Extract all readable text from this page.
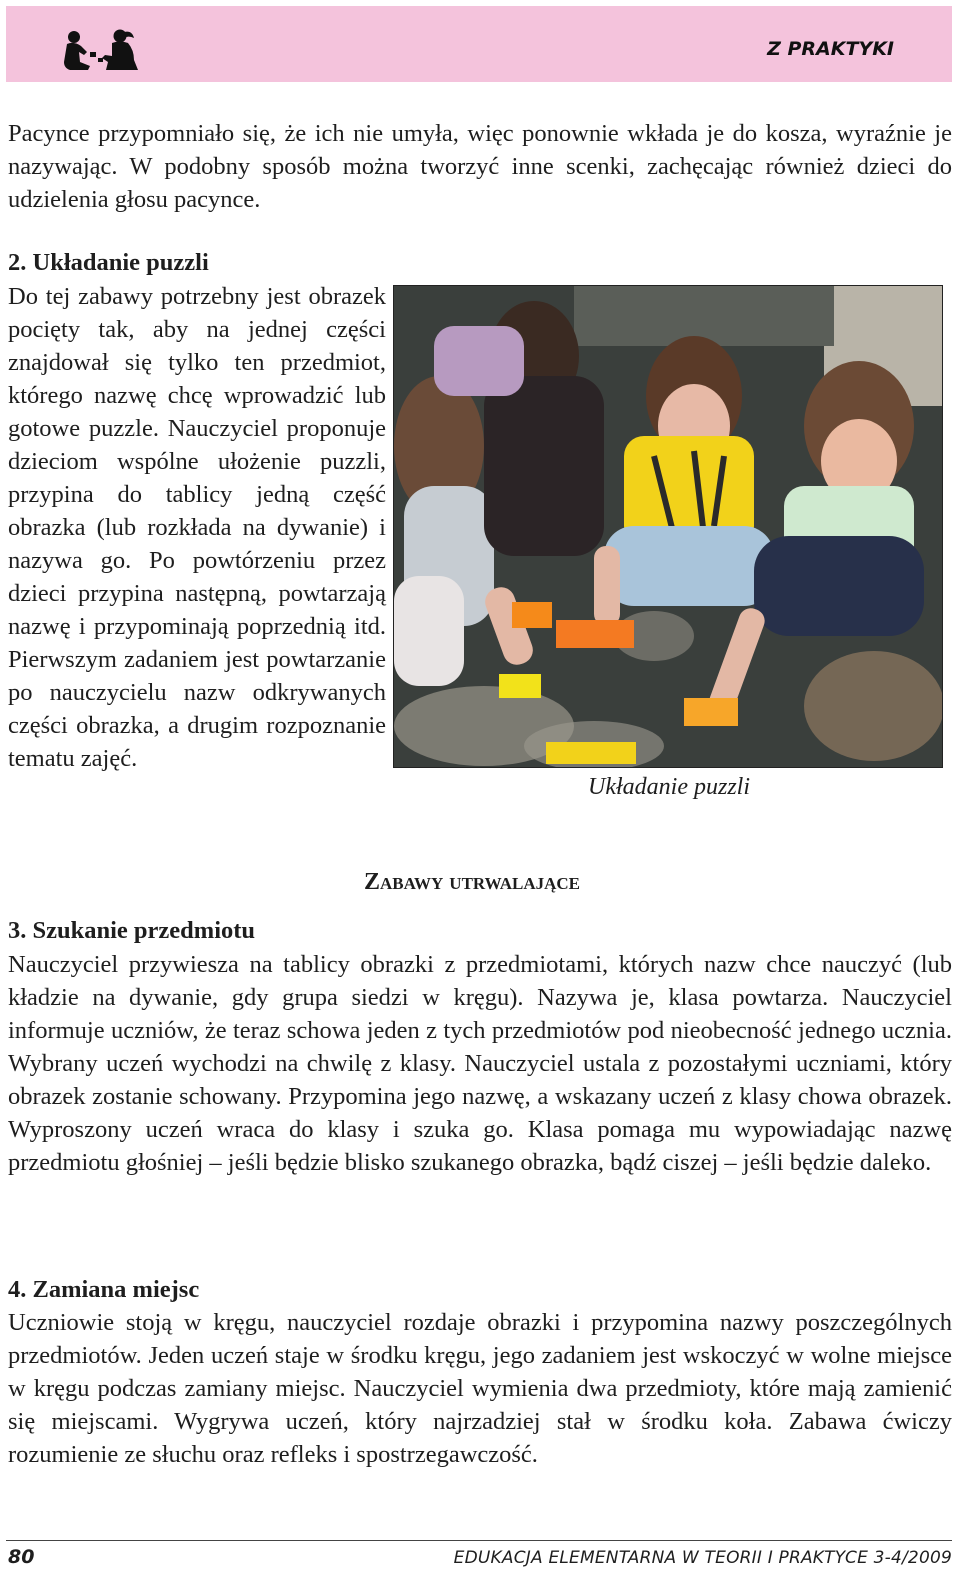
Z PRAKTYKI

Pacynce przypomniało się, że ich nie umyła, więc ponownie wkłada je do kosza, wyraźnie je nazywając. W podobny sposób można tworzyć inne scenki, zachęcając również dzieci do udzielenia głosu pacynce.

2. Układanie puzzli

Do tej zabawy potrzebny jest obrazek pocięty tak, aby na jednej części znajdował się tylko ten przedmiot, którego nazwę chcę wprowadzić lub gotowe puzzle. Nauczyciel proponuje dzieciom wspólne ułożenie puzzli, przypina do tablicy jedną część obrazka (lub rozkłada na dywanie) i nazywa go. Po powtórzeniu przez dzieci przypina następną, powtarzają nazwę i przypominają poprzednią itd. Pierwszym zadaniem jest powtarzanie po nauczycielu nazw odkrywanych części obrazka, a drugim rozpoznanie tematu zajęć.

Układanie puzzli
Zabawy utrwalające
3. Szukanie przedmiotu

Nauczyciel przywiesza na tablicy obrazki z przedmiotami, których nazw chce nauczyć (lub kładzie na dywanie, gdy grupa siedzi w kręgu). Nazywa je, klasa powtarza. Nauczyciel informuje uczniów, że teraz schowa jeden z tych przedmiotów pod nieobecność jednego ucznia. Wybrany uczeń wychodzi na chwilę z klasy. Nauczyciel ustala z pozostałymi uczniami, który obrazek zostanie schowany. Przypomina jego nazwę, a wskazany uczeń z klasy chowa obrazek. Wyproszony uczeń wraca do klasy i szuka go. Klasa pomaga mu wypowiadając nazwę przedmiotu głośniej – jeśli będzie blisko szukanego obrazka, bądź ciszej – jeśli będzie daleko.

4. Zamiana miejsc

Uczniowie stoją w kręgu, nauczyciel rozdaje obrazki i przypomina nazwy poszczególnych przedmiotów. Jeden uczeń staje w środku kręgu, jego zadaniem jest wskoczyć w wolne miejsce w kręgu podczas zamiany miejsc. Nauczyciel wymienia dwa przedmioty, które mają zamienić się miejscami. Wygrywa uczeń, który najrzadziej stał w środku koła. Zabawa ćwiczy rozumienie ze słuchu oraz refleks i spostrzegawczość.

80	EDUKACJA ELEMENTARNA W TEORII I PRAKTYCE 3-4/2009
